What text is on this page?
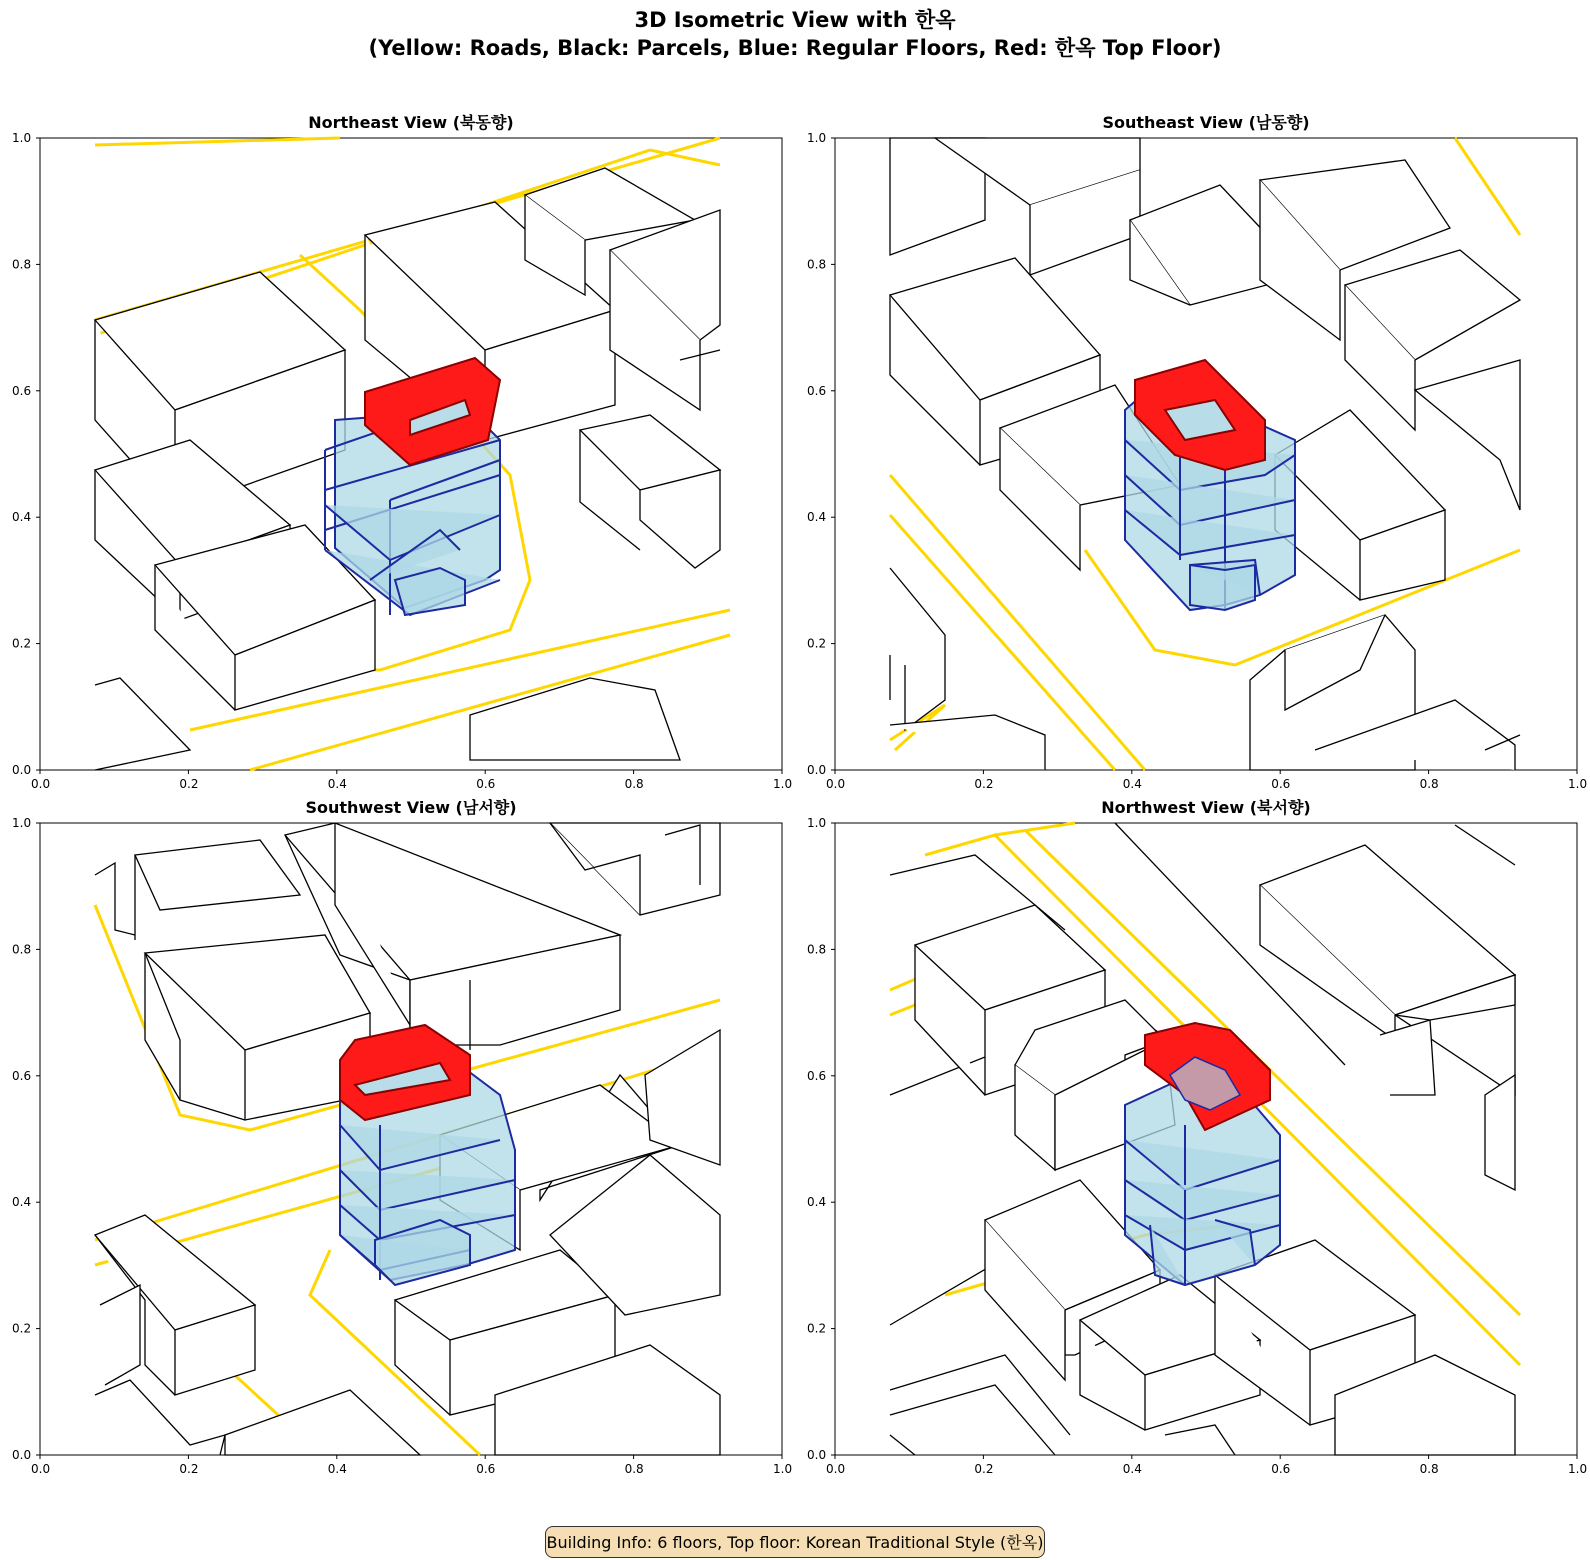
3D Isometric View with 한옥
(Yellow: Roads, Black: Parcels, Blue: Regular Floors, Red: 한옥 Top Floor)
Northeast View (북동향)
0.0
0.2
0.4
0.6
0.8
1.0
0.0	0.2	0.4	0.6	0.8	1.0
Southeast View (남동향)
0.0
0.2
0.4
0.6
0.8
1.0
0.0	0.2	0.4	0.6	0.8	1.0
Southwest View (남서향)
0.0
0.2
0.4
0.6
0.8
1.0
0.0	0.2	0.4	0.6	0.8	1.0
Northwest View (북서향)
0.0
0.2
0.4
0.6
0.8
1.0
0.0	0.2	0.4	0.6	0.8	1.0
Building Info: 6 floors, Top floor: Korean Traditional Style (한옥)
